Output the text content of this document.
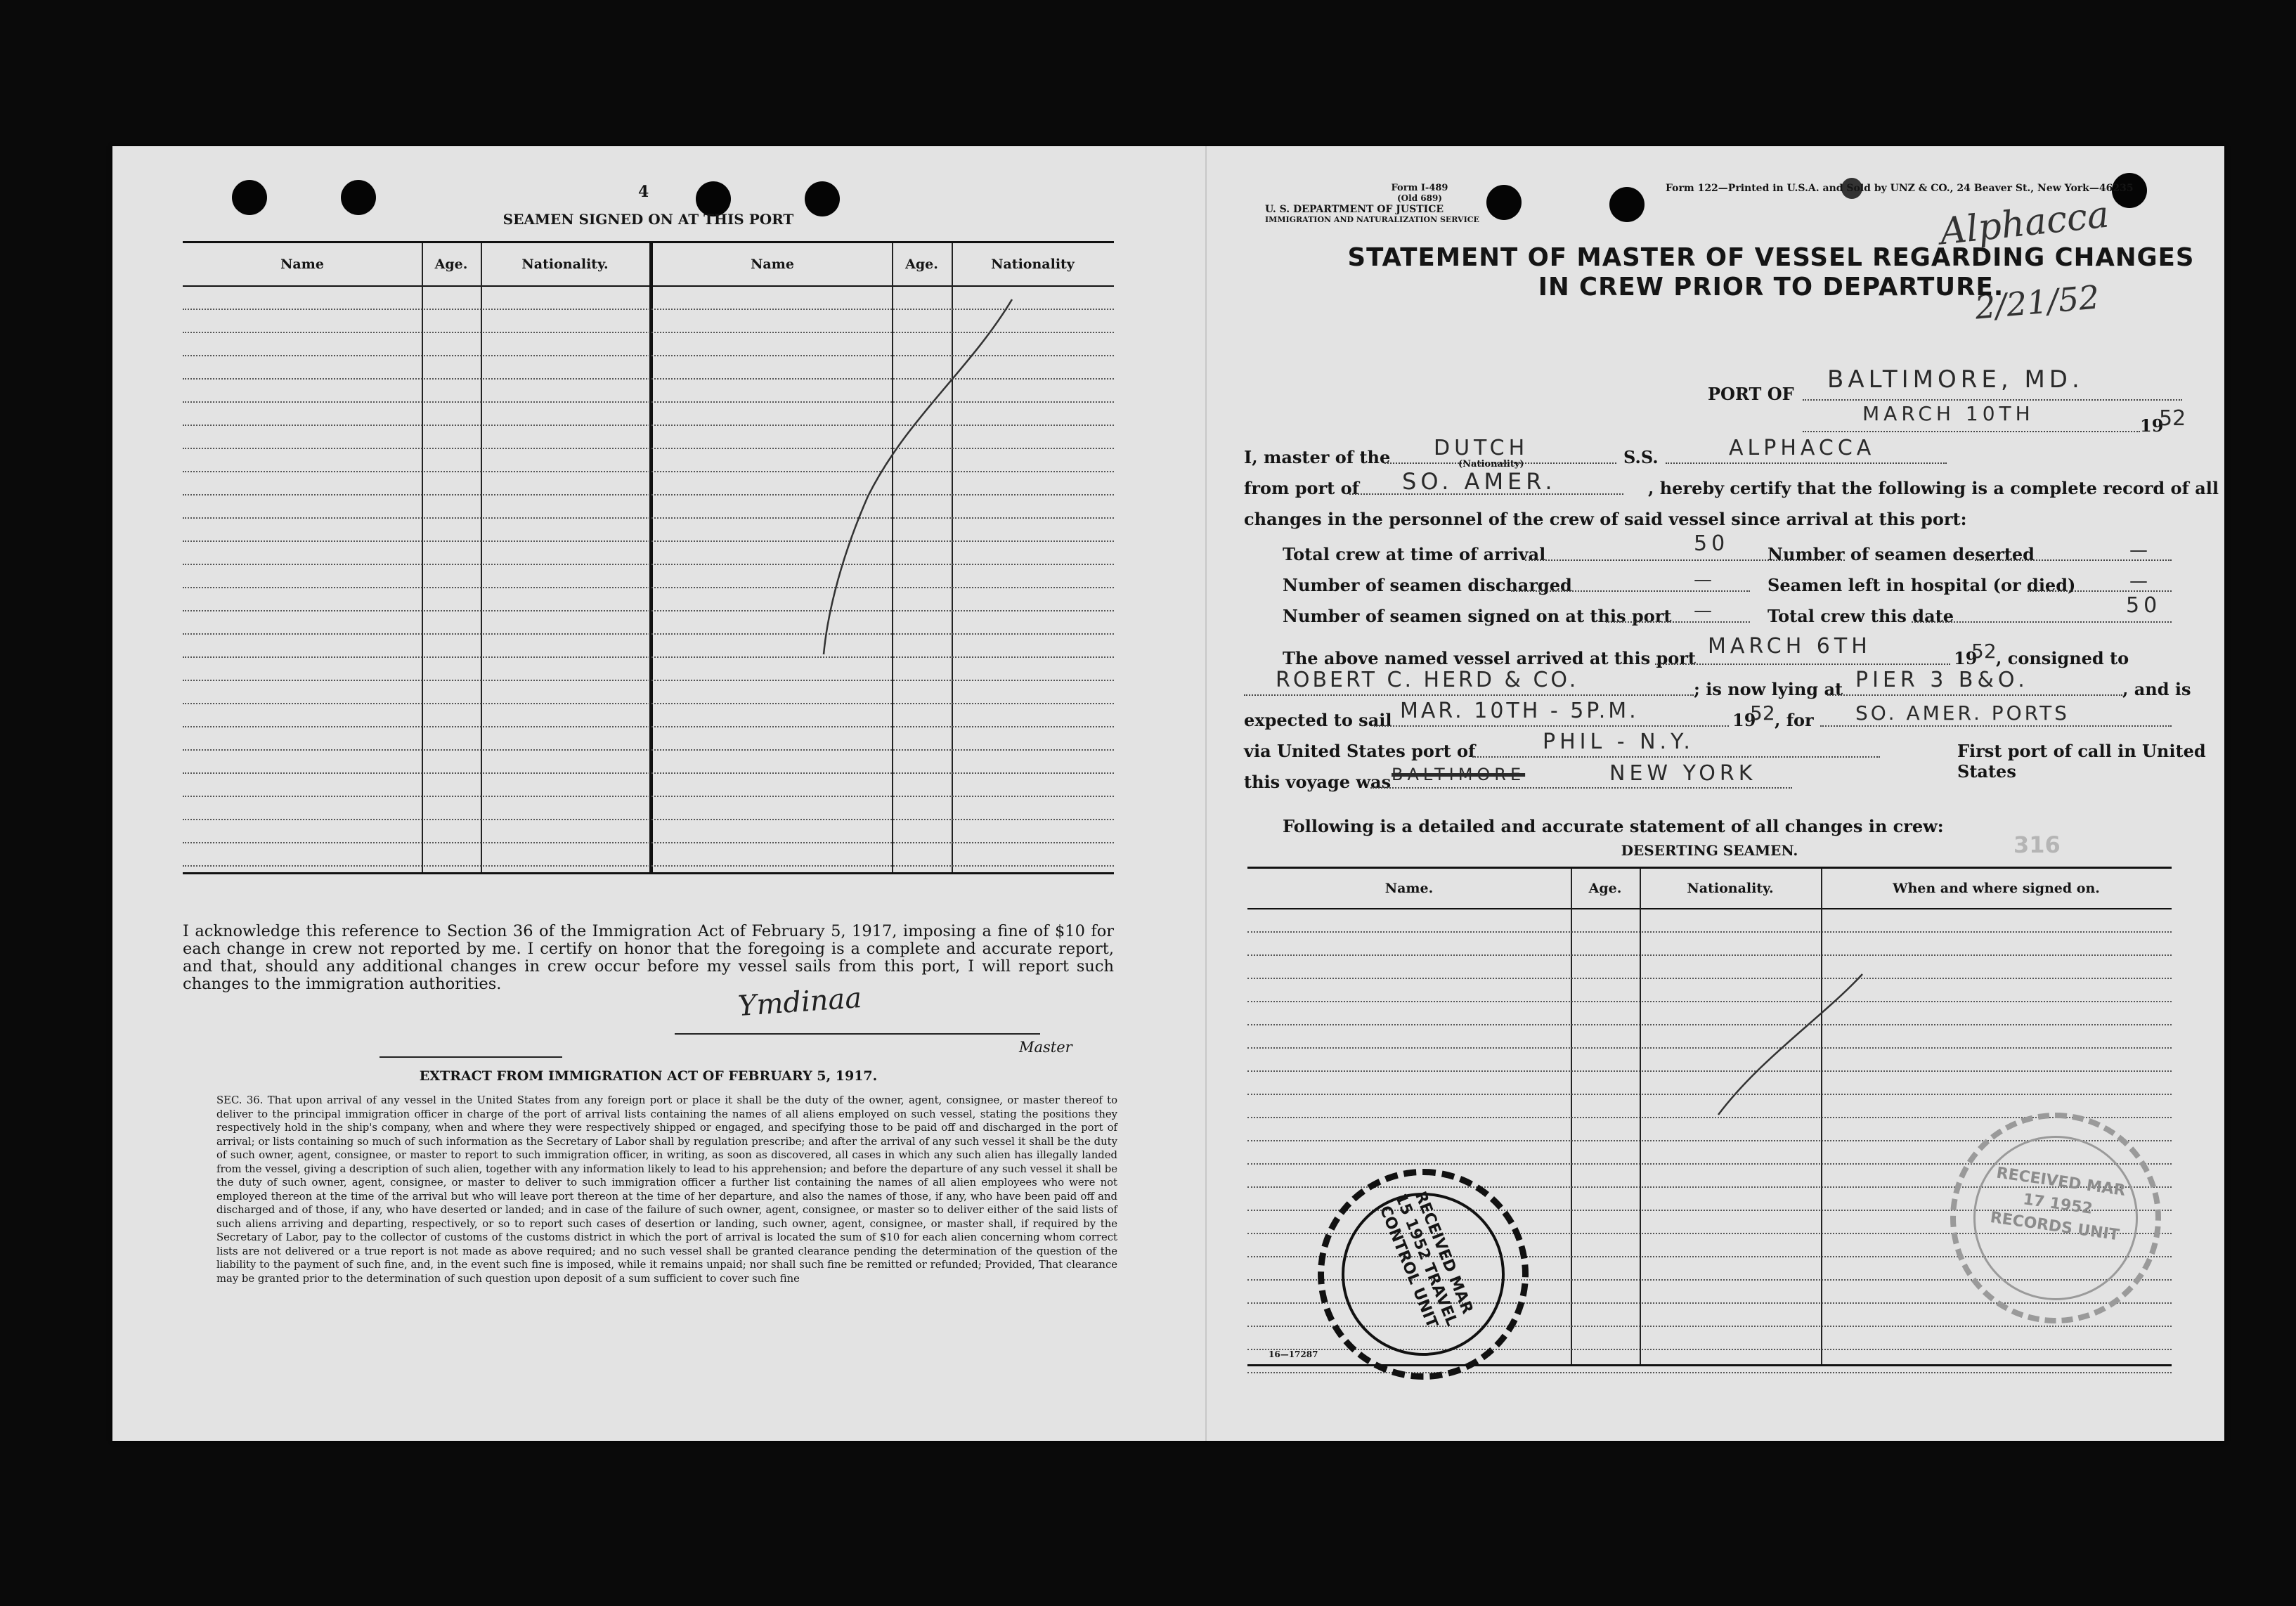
4
SEAMEN SIGNED ON AT THIS PORT
Name	Age.	Nationality.	Name	Age.	Nationality
I acknowledge this reference to Section 36 of the Immigration Act of February 5, 1917, imposing a fine of $10 for each change in crew not reported by me. I certify on honor that the foregoing is a complete and accurate report, and that, should any additional changes in crew occur before my vessel sails from this port, I will report such changes to the immigration authorities.	Ymdinaa
Master
EXTRACT FROM IMMIGRATION ACT OF FEBRUARY 5, 1917.
SEC. 36. That upon arrival of any vessel in the United States from any foreign port or place it shall be the duty of the owner, agent, consignee, or master thereof to deliver to the principal immigration officer in charge of the port of arrival lists containing the names of all aliens employed on such vessel, stating the positions they respectively hold in the ship's company, when and where they were respectively shipped or engaged, and specifying those to be paid off and discharged in the port of arrival; or lists containing so much of such information as the Secretary of Labor shall by regulation prescribe; and after the arrival of any such vessel it shall be the duty of such owner, agent, consignee, or master to report to such immigration officer, in writing, as soon as discovered, all cases in which any such alien has illegally landed from the vessel, giving a description of such alien, together with any information likely to lead to his apprehension; and before the departure of any such vessel it shall be the duty of such owner, agent, consignee, or master to deliver to such immigration officer a further list containing the names of all alien employees who were not employed thereon at the time of the arrival but who will leave port thereon at the time of her departure, and also the names of those, if any, who have been paid off and discharged and of those, if any, who have deserted or landed; and in case of the failure of such owner, agent, consignee, or master so to deliver either of the said lists of such aliens arriving and departing, respectively, or so to report such cases of desertion or landing, such owner, agent, consignee, or master shall, if required by the Secretary of Labor, pay to the collector of customs of the customs district in which the port of arrival is located the sum of $10 for each alien concerning whom correct lists are not delivered or a true report is not made as above required; and no such vessel shall be granted clearance pending the determination of the question of the liability to the payment of such fine, and, in the event such fine is imposed, while it remains unpaid; nor shall such fine be remitted or refunded; Provided, That clearance may be granted prior to the determination of such question upon deposit of a sum sufficient to cover such fine
Form I-489
(Old 689)
U. S. DEPARTMENT OF JUSTICE
IMMIGRATION AND NATURALIZATION SERVICE
Form 122—Printed in U.S.A. and Sold by UNZ & CO., 24 Beaver St., New York—46235
Alphacca
2/21/52
STATEMENT OF MASTER OF VESSEL REGARDING CHANGES
IN CREW PRIOR TO DEPARTURE.
PORT OF
BALTIMORE, MD.
MARCH 10TH
19
52
I, master of the DUTCH
(Nationality)	S.S.	ALPHACCA
from port of SO. AMER.	, hereby certify that the following is a complete record of all
changes in the personnel of the crew of said vessel since arrival at this port:
Total crew at time of arrival	50 Number of seamen deserted	—
Number of seamen discharged	—	Seamen left in hospital (or died)	—
Number of seamen signed on at this port —	Total crew this date	50
The above named vessel arrived at this port MARCH 6TH	19
52 , consigned to
ROBERT C. HERD & CO.	; is now lying at PIER 3 B&O.	, and is
expected to sail MAR. 10TH - 5P.M.	19
52 , for SO. AMER. PORTS
via United States port of	PHIL - N.Y.	First port of call in United States
this voyage was BALTIMORE	NEW YORK
Following is a detailed and accurate statement of all changes in crew:
DESERTING SEAMEN.	316
Name.	Age.	Nationality.	When and where signed on.
RECEIVED MAR 15 1952 TRAVEL CONTROL UNIT
RECEIVED MAR 17 1952 RECORDS UNIT
16—17287
